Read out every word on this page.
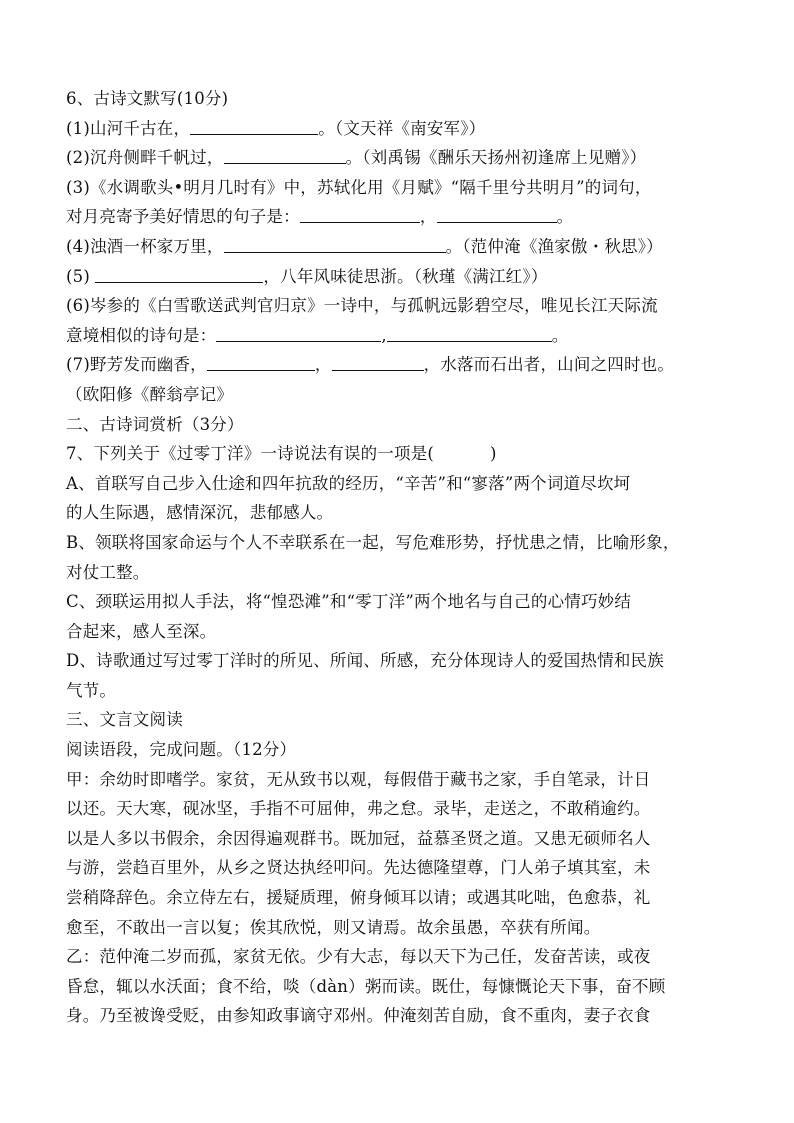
6、古诗文默写(10分)
(1)山河千古在，	。（文天祥《南安军》）
(2)沉舟侧畔千帆过，	。（刘禹锡《酬乐天扬州初逢席上见赠》）
(3)《水调歌头•明月几时有》中，苏轼化用《月赋》“隔千里兮共明月”的词句，
对月亮寄予美好情思的句子是：	，	。
(4)浊酒一杯家万里，	。（范仲淹《渔家傲・秋思》）
(5)	，八年风味徒思浙。（秋瑾《满江红》）
(6)岑参的《白雪歌送武判官归京》一诗中，与孤帆远影碧空尽，唯见长江天际流
意境相似的诗句是：	,	。
(7)野芳发而幽香，	，	，水落而石出者，山间之四时也。
（欧阳修《醉翁亭记》
二、古诗词赏析（3分）
7、下列关于《过零丁洋》一诗说法有误的一项是(	)
A、首联写自己步入仕途和四年抗敌的经历，“辛苦”和“寥落”两个词道尽坎坷
的人生际遇，感情深沉，悲郁感人。
B、领联将国家命运与个人不幸联系在一起，写危难形势，抒忧患之情，比喻形象，
对仗工整。
C、颈联运用拟人手法，将“惶恐滩”和“零丁洋”两个地名与自己的心情巧妙结
合起来，感人至深。
D、诗歌通过写过零丁洋时的所见、所闻、所感，充分体现诗人的爱国热情和民族
气节。
三、文言文阅读
阅读语段，完成问题。（12分）
甲：余幼时即嗜学。家贫，无从致书以观，每假借于藏书之家，手自笔录，计日
以还。天大寒，砚冰坚，手指不可屈伸，弗之怠。录毕，走送之，不敢稍逾约。
以是人多以书假余，余因得遍观群书。既加冠，益慕圣贤之道。又患无硕师名人
与游，尝趋百里外，从乡之贤达执经叩问。先达德隆望尊，门人弟子填其室，未
尝稍降辞色。余立侍左右，援疑质理，俯身倾耳以请；或遇其叱咄，色愈恭，礼
愈至，不敢出一言以复；俟其欣悦，则又请焉。故余虽愚，卒获有所闻。
乙：范仲淹二岁而孤，家贫无依。少有大志，每以天下为己任，发奋苦读，或夜
昏怠，辄以水沃面；食不给，啖（dàn）粥而读。既仕，每慷慨论天下事，奋不顾
身。乃至被谗受贬，由参知政事谪守邓州。仲淹刻苦自励，食不重肉，妻子衣食
